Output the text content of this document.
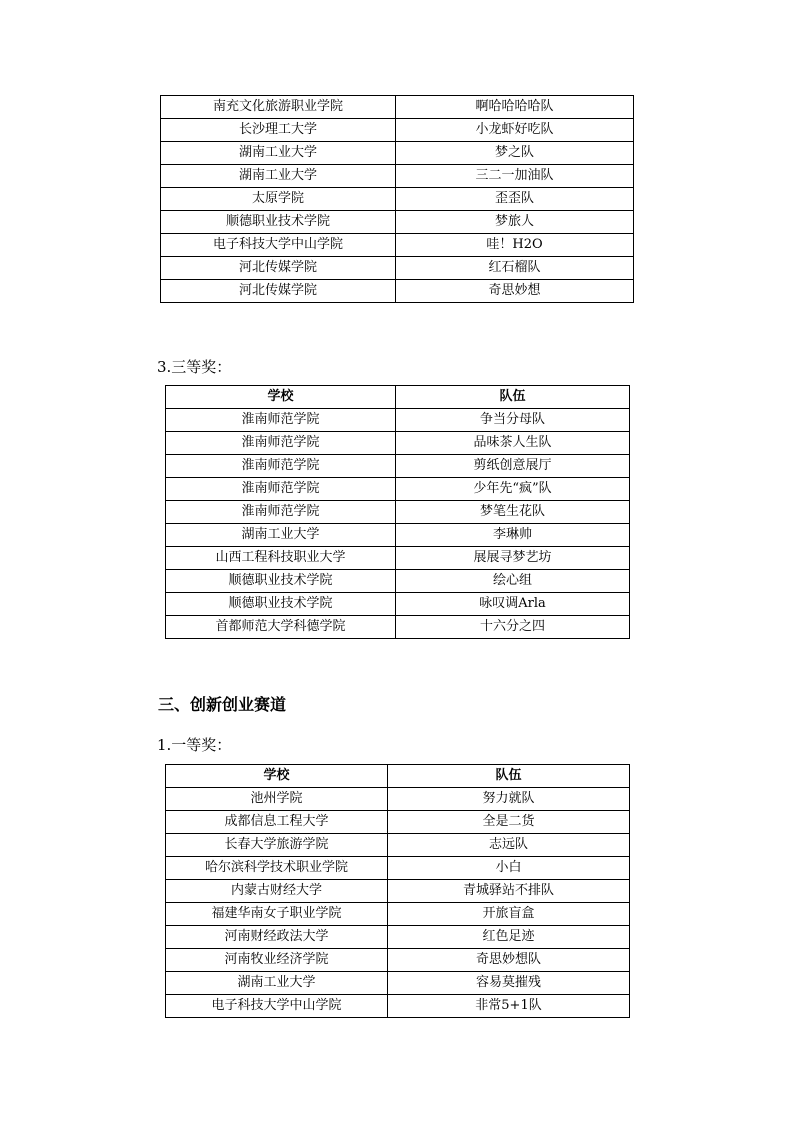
南充文化旅游职业学院	啊哈哈哈哈队
长沙理工大学	小龙虾好吃队
湖南工业大学	梦之队
湖南工业大学	三二一加油队
太原学院	歪歪队
顺德职业技术学院	梦旅人
电子科技大学中山学院	哇！H2O
河北传媒学院	红石榴队
河北传媒学院	奇思妙想
3.三等奖：
学校	队伍
淮南师范学院	争当分母队
淮南师范学院	品味茶人生队
淮南师范学院	剪纸创意展厅
淮南师范学院	少年先“疯”队
淮南师范学院	梦笔生花队
湖南工业大学	李琳帅
山西工程科技职业大学	展展寻梦艺坊
顺德职业技术学院	绘心组
顺德职业技术学院	咏叹调Arla
首都师范大学科德学院	十六分之四
三、创新创业赛道
1.一等奖：
学校	队伍
池州学院	努力就队
成都信息工程大学	全是二货
长春大学旅游学院	志远队
哈尔滨科学技术职业学院	小白
内蒙古财经大学	青城驿站不排队
福建华南女子职业学院	开旅盲盒
河南财经政法大学	红色足迹
河南牧业经济学院	奇思妙想队
湖南工业大学	容易莫摧残
电子科技大学中山学院	非常5+1队
